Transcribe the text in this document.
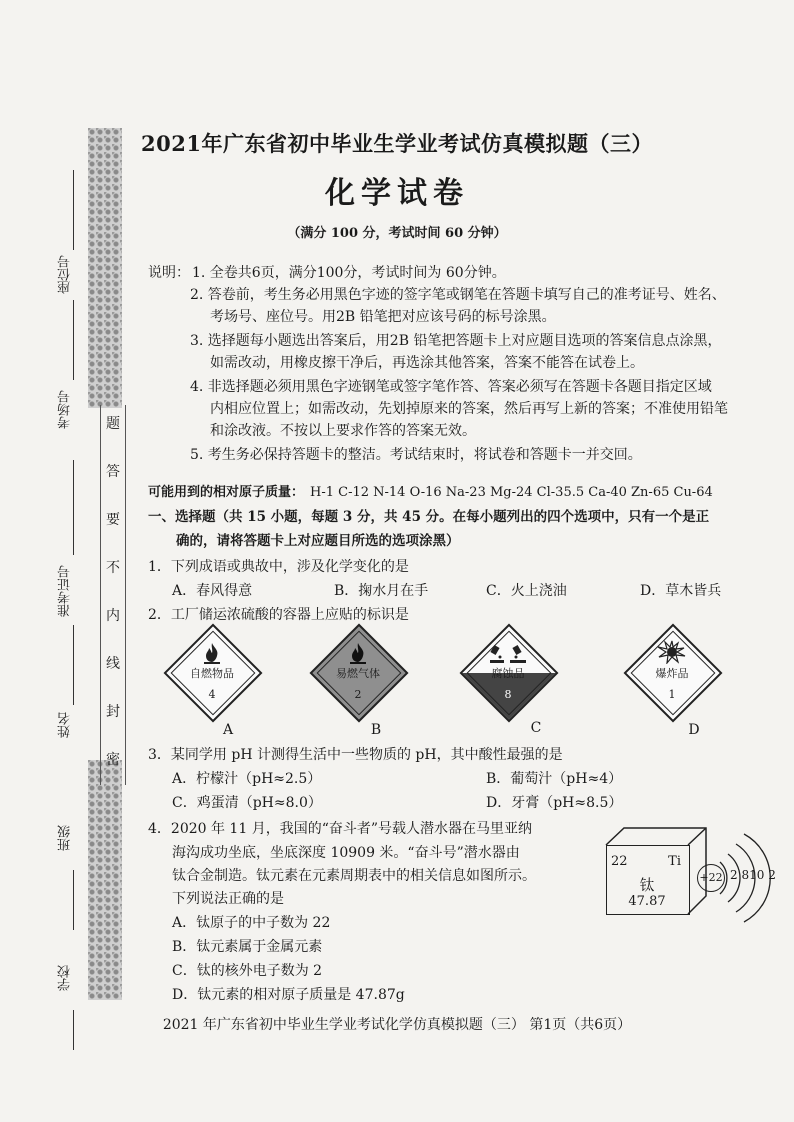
题
答
要
不
内
线
封
密
座位号
考场号
准考证号
姓名
班级
学校
2021年广东省初中毕业生学业考试仿真模拟题（三）
化学试卷
（满分 100 分，考试时间 60 分钟）
说明： 1. 全卷共6页，满分100分，考试时间为 60分钟。
2. 答卷前，考生务必用黑色字迹的签字笔或钢笔在答题卡填写自己的准考证号、姓名、
考场号、座位号。用2B 铅笔把对应该号码的标号涂黑。
3. 选择题每小题选出答案后，用2B 铅笔把答题卡上对应题目选项的答案信息点涂黑，
如需改动，用橡皮擦干净后，再选涂其他答案，答案不能答在试卷上。
4. 非选择题必须用黑色字迹钢笔或签字笔作答、答案必须写在答题卡各题目指定区域
内相应位置上；如需改动，先划掉原来的答案，然后再写上新的答案；不准使用铅笔
和涂改液。不按以上要求作答的答案无效。
5. 考生务必保持答题卡的整洁。考试结束时，将试卷和答题卡一并交回。
可能用到的相对原子质量： H-1 C-12 N-14 O-16 Na-23 Mg-24 Cl-35.5 Ca-40 Zn-65 Cu-64
一、选择题（共 15 小题，每题 3 分，共 45 分。在每小题列出的四个选项中，只有一个是正
确的，请将答题卡上对应题目所选的选项涂黑）
1．下列成语或典故中，涉及化学变化的是
A．春风得意	B．掬水月在手	C．火上浇油	D．草木皆兵
2．工厂储运浓硫酸的容器上应贴的标识是
自燃物品
4
A
易燃气体
2
B
腐蚀品
8
C
爆炸品
1
D
3．某同学用 pH 计测得生活中一些物质的 pH，其中酸性最强的是
A．柠檬汁（pH≈2.5）	B．葡萄汁（pH≈4）
C．鸡蛋清（pH≈8.0）	D．牙膏（pH≈8.5）
4．2020 年 11 月，我国的“奋斗者”号载人潜水器在马里亚纳
海沟成功坐底，坐底深度 10909 米。“奋斗号”潜水器由
钛合金制造。钛元素在元素周期表中的相关信息如图所示。
下列说法正确的是
A．钛原子的中子数为 22
B．钛元素属于金属元素
C．钛的核外电子数为 2
D．钛元素的相对原子质量是 47.87g
22	Ti
钛
47.87
+22 2 810 2
2021 年广东省初中毕业生学业考试化学仿真模拟题（三） 第1页（共6页）
